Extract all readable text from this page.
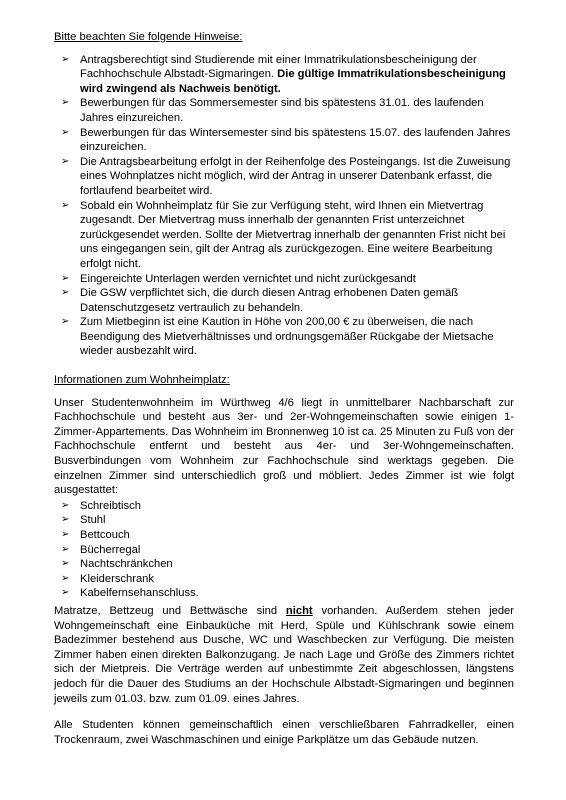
Bitte beachten Sie folgende Hinweise:
➢ Antragsberechtigt sind Studierende mit einer Immatrikulationsbescheinigung der Fachhochschule Albstadt-Sigmaringen. Die gültige Immatrikulationsbescheinigung wird zwingend als Nachweis benötigt.
➢ Bewerbungen für das Sommersemester sind bis spätestens 31.01. des laufenden Jahres einzureichen.
➢ Bewerbungen für das Wintersemester sind bis spätestens 15.07. des laufenden Jahres einzureichen.
➢ Die Antragsbearbeitung erfolgt in der Reihenfolge des Posteingangs. Ist die Zuweisung eines Wohnplatzes nicht möglich, wird der Antrag in unserer Datenbank erfasst, die fortlaufend bearbeitet wird.
➢ Sobald ein Wohnheimplatz für Sie zur Verfügung steht, wird Ihnen ein Mietvertrag zugesandt. Der Mietvertrag muss innerhalb der genannten Frist unterzeichnet zurückgesendet werden. Sollte der Mietvertrag innerhalb der genannten Frist nicht bei uns eingegangen sein, gilt der Antrag als zurückgezogen. Eine weitere Bearbeitung erfolgt nicht.
➢ Eingereichte Unterlagen werden vernichtet und nicht zurückgesandt
➢ Die GSW verpflichtet sich, die durch diesen Antrag erhobenen Daten gemäß Datenschutzgesetz vertraulich zu behandeln.
➢ Zum Mietbeginn ist eine Kaution in Höhe von 200,00 € zu überweisen, die nach Beendigung des Mietverhältnisses und ordnungsgemäßer Rückgabe der Mietsache wieder ausbezahlt wird.
Informationen zum Wohnheimplatz:

Unser Studentenwohnheim im Würthweg 4/6 liegt in unmittelbarer Nachbarschaft zur Fachhochschule und besteht aus 3er- und 2er-Wohngemeinschaften sowie einigen 1-Zimmer-Appartements. Das Wohnheim im Bronnenweg 10 ist ca. 25 Minuten zu Fuß von der Fachhochschule entfernt und besteht aus 4er- und 3er-Wohngemeinschaften. Busverbindungen vom Wohnheim zur Fachhochschule sind werktags gegeben. Die einzelnen Zimmer sind unterschiedlich groß und möbliert. Jedes Zimmer ist wie folgt ausgestattet:

➢ Schreibtisch
➢ Stuhl
➢ Bettcouch
➢ Bücherregal
➢ Nachtschränkchen
➢ Kleiderschrank
➢ Kabelfernsehanschluss.

Matratze, Bettzeug und Bettwäsche sind nicht vorhanden. Außerdem stehen jeder Wohngemeinschaft eine Einbauküche mit Herd, Spüle und Kühlschrank sowie einem Badezimmer bestehend aus Dusche, WC und Waschbecken zur Verfügung. Die meisten Zimmer haben einen direkten Balkonzugang. Je nach Lage und Größe des Zimmers richtet sich der Mietpreis. Die Verträge werden auf unbestimmte Zeit abgeschlossen, längstens jedoch für die Dauer des Studiums an der Hochschule Albstadt-Sigmaringen und beginnen jeweils zum 01.03. bzw. zum 01.09. eines Jahres.

Alle Studenten können gemeinschaftlich einen verschließbaren Fahrradkeller, einen Trockenraum, zwei Waschmaschinen und einige Parkplätze um das Gebäude nutzen.
